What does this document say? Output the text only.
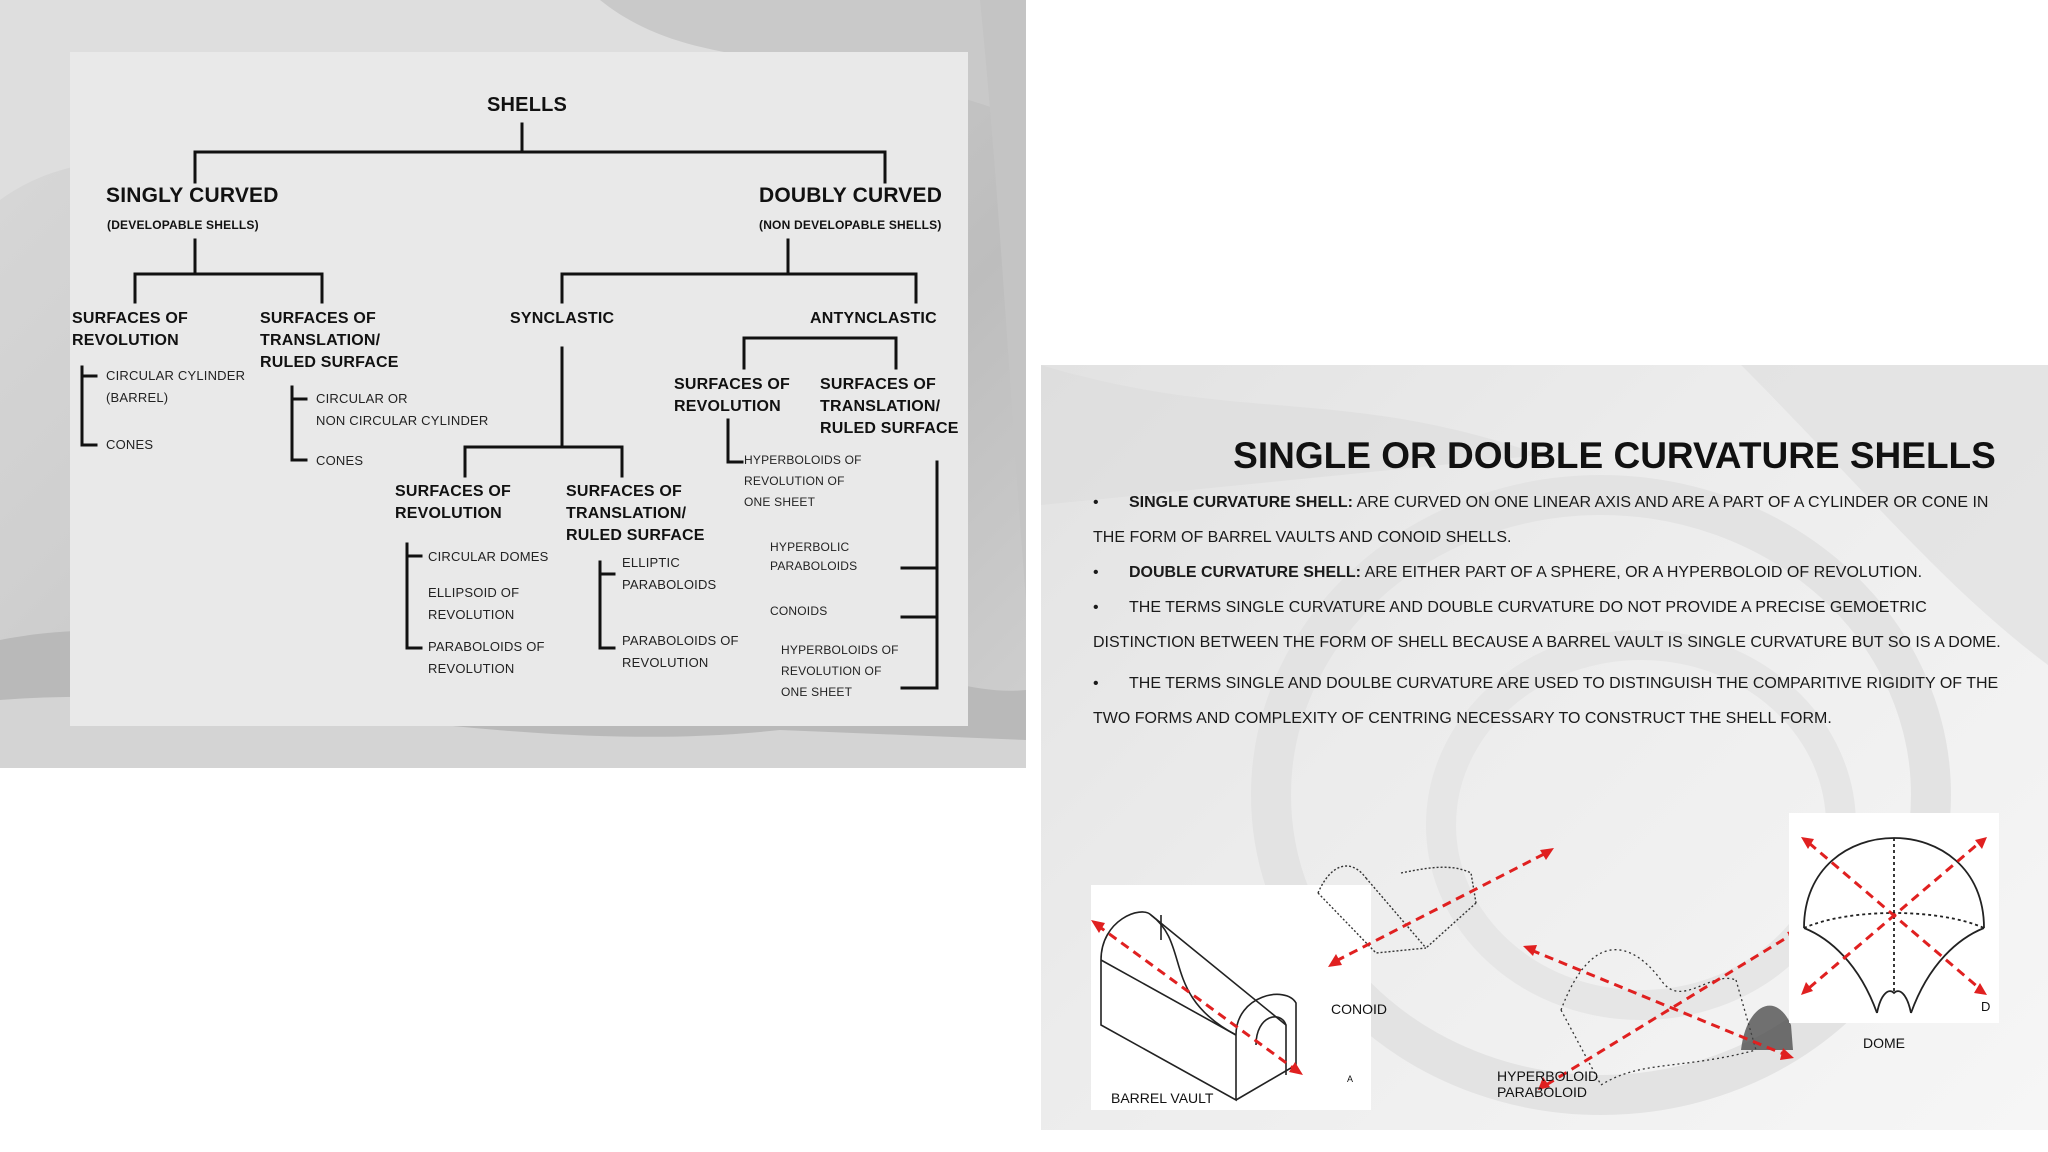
SHELLS
SINGLY CURVED
(DEVELOPABLE SHELLS)
DOUBLY CURVED
(NON DEVELOPABLE SHELLS)
SURFACES OF
REVOLUTION
CIRCULAR CYLINDER
(BARREL)
CONES
SURFACES OF
TRANSLATION/
RULED SURFACE
CIRCULAR OR
NON CIRCULAR CYLINDER
CONES
SYNCLASTIC	ANTYNCLASTIC
SURFACES OF
REVOLUTION
HYPERBOLOIDS OF
REVOLUTION OF
ONE SHEET
SURFACES OF
TRANSLATION/
RULED SURFACE
HYPERBOLIC
PARABOLOIDS
CONOIDS
HYPERBOLOIDS OF
REVOLUTION OF
ONE SHEET
SURFACES OF
REVOLUTION
CIRCULAR DOMES
ELLIPSOID OF
REVOLUTION
PARABOLOIDS OF
REVOLUTION
SURFACES OF
TRANSLATION/
RULED SURFACE
ELLIPTIC
PARABOLOIDS
PARABOLOIDS OF
REVOLUTION
SINGLE OR DOUBLE CURVATURE SHELLS

• SINGLE CURVATURE SHELL: ARE CURVED ON ONE LINEAR AXIS AND ARE A PART OF A CYLINDER OR CONE IN THE FORM OF BARREL VAULTS AND CONOID SHELLS.

• DOUBLE CURVATURE SHELL: ARE EITHER PART OF A SPHERE, OR A HYPERBOLOID OF REVOLUTION.

• THE TERMS SINGLE CURVATURE AND DOUBLE CURVATURE DO NOT PROVIDE A PRECISE GEMOETRIC DISTINCTION BETWEEN THE FORM OF SHELL BECAUSE A BARREL VAULT IS SINGLE CURVATURE BUT SO IS A DOME.

• THE TERMS SINGLE AND DOULBE CURVATURE ARE USED TO DISTINGUISH THE COMPARITIVE RIGIDITY OF THE TWO FORMS AND COMPLEXITY OF CENTRING NECESSARY TO CONSTRUCT THE SHELL FORM.

A
BARREL VAULT
CONOID
HYPERBOLOID
PARABOLOID
D
DOME
